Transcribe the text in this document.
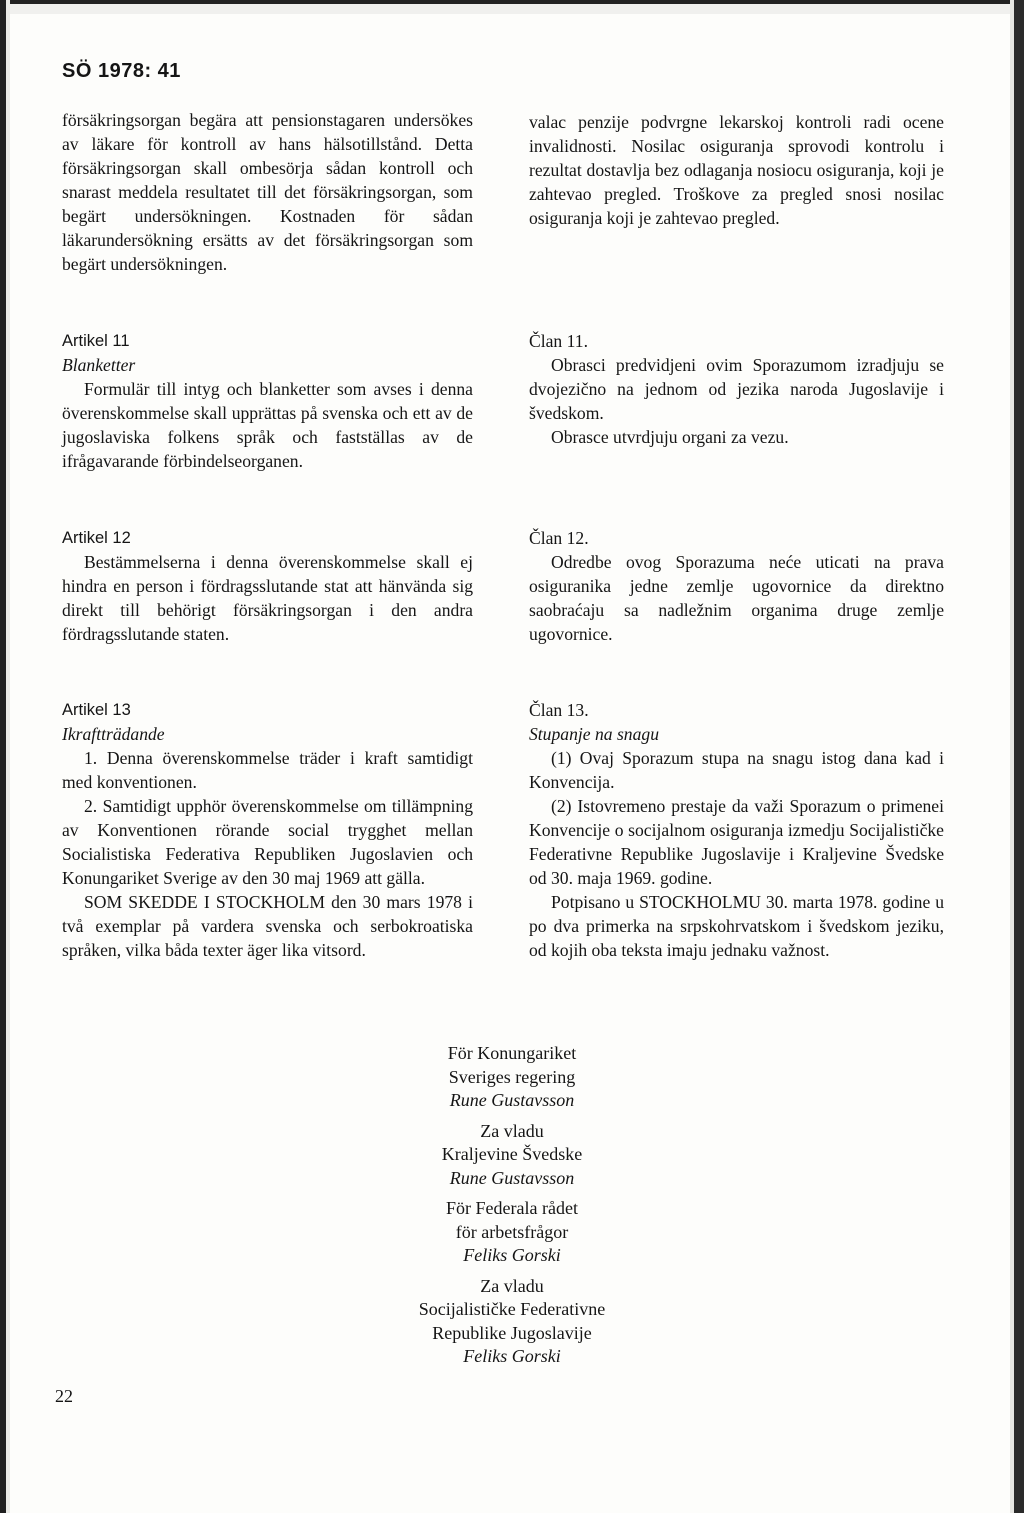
SÖ 1978: 41

försäkringsorgan begära att pensionstagaren undersökes av läkare för kontroll av hans hälsotillstånd. Detta försäkringsorgan skall ombesörja sådan kontroll och snarast meddela resultatet till det försäkringsorgan, som begärt undersökningen. Kostnaden för sådan läkarundersökning ersätts av det försäkringsorgan som begärt undersökningen.

Artikel 11
Blanketter

Formulär till intyg och blanketter som avses i denna överenskommelse skall upprättas på svenska och ett av de jugoslaviska folkens språk och fastställas av de ifrågavarande förbindelseorganen.

Artikel 12

Bestämmelserna i denna överenskommelse skall ej hindra en person i fördragsslutande stat att hänvända sig direkt till behörigt försäkringsorgan i den andra fördragsslutande staten.

Artikel 13
Ikraftträdande

1. Denna överenskommelse träder i kraft samtidigt med konventionen.

2. Samtidigt upphör överenskommelse om tillämpning av Konventionen rörande social trygghet mellan Socialistiska Federativa Republiken Jugoslavien och Konungariket Sverige av den 30 maj 1969 att gälla.

SOM SKEDDE I STOCKHOLM den 30 mars 1978 i två exemplar på vardera svenska och serbokroatiska språken, vilka båda texter äger lika vitsord.

valac penzije podvrgne lekarskoj kontroli radi ocene invalidnosti. Nosilac osiguranja sprovodi kontrolu i rezultat dostavlja bez odlaganja nosiocu osiguranja, koji je zahtevao pregled. Troškove za pregled snosi nosilac osiguranja koji je zahtevao pregled.

Član 11.

Obrasci predvidjeni ovim Sporazumom izradjuju se dvojezično na jednom od jezika naroda Jugoslavije i švedskom.

Obrasce utvrdjuju organi za vezu.

Član 12.

Odredbe ovog Sporazuma neće uticati na prava osiguranika jedne zemlje ugovornice da direktno saobraćaju sa nadležnim organima druge zemlje ugovornice.

Član 13.
Stupanje na snagu

(1) Ovaj Sporazum stupa na snagu istog dana kad i Konvencija.

(2) Istovremeno prestaje da važi Sporazum o primenei Konvencije o socijalnom osiguranja izmedju Socijalističke Federativne Republike Jugoslavije i Kraljevine Švedske od 30. maja 1969. godine.

Potpisano u STOCKHOLMU 30. marta 1978. godine u po dva primerka na srpskohrvatskom i švedskom jeziku, od kojih oba teksta imaju jednaku važnost.

För Konungariket
Sveriges regering
Rune Gustavsson
Za vladu
Kraljevine Švedske
Rune Gustavsson
För Federala rådet
för arbetsfrågor
Feliks Gorski
Za vladu
Socijalističke Federativne
Republike Jugoslavije
Feliks Gorski
22
